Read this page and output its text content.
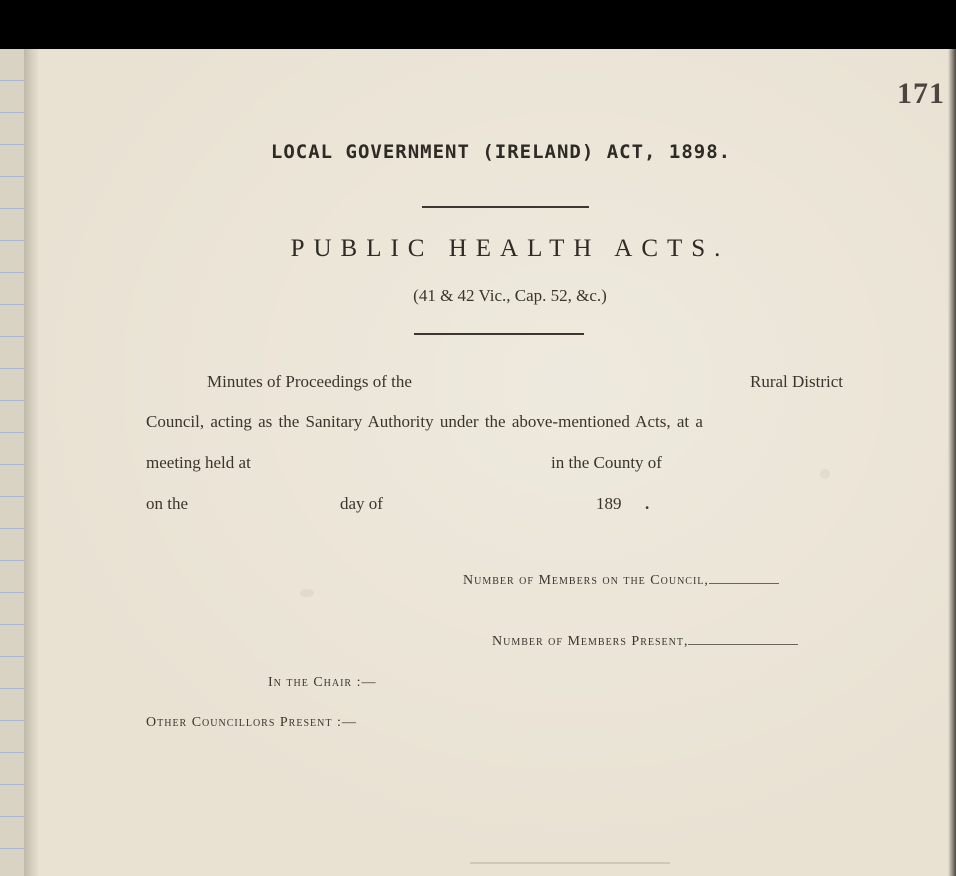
171
LOCAL GOVERNMENT (IRELAND) ACT, 1898.
PUBLIC HEALTH ACTS.
(41 & 42 Vic., Cap. 52, &c.)
Minutes of Proceedings of the	Rural District
Council, acting as the Sanitary Authority under the above-mentioned Acts, at a
meeting held at	in the County of
on the	day of	189 .
Number of Members on the Council,
Number of Members Present,
In the Chair :—
Other Councillors Present :—
